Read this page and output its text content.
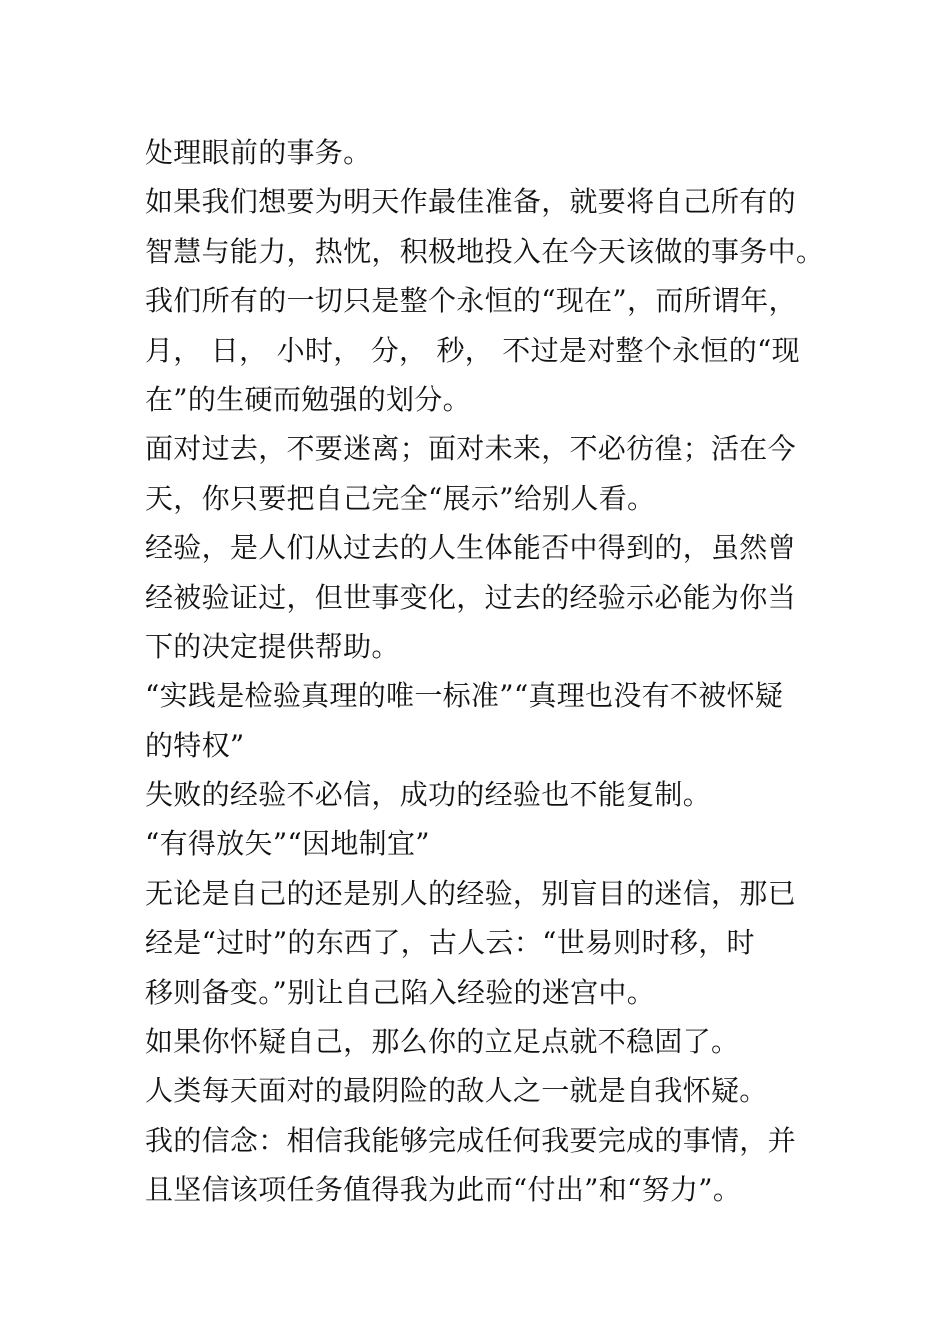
处理眼前的事务。
如果我们想要为明天作最佳准备，就要将自己所有的
智慧与能力，热忱，积极地投入在今天该做的事务中。
我们所有的一切只是整个永恒的“现在”，而所谓年，
月， 日， 小时， 分， 秒， 不过是对整个永恒的“现
在”的生硬而勉强的划分。
面对过去，不要迷离；面对未来，不必彷徨；活在今
天，你只要把自己完全“展示”给别人看。
经验，是人们从过去的人生体能否中得到的，虽然曾
经被验证过，但世事变化，过去的经验示必能为你当
下的决定提供帮助。
“实践是检验真理的唯一标准”“真理也没有不被怀疑
的特权”
失败的经验不必信，成功的经验也不能复制。
“有得放矢”“因地制宜”
无论是自己的还是别人的经验，别盲目的迷信，那已
经是“过时”的东西了，古人云：“世易则时移，时
移则备变。”别让自己陷入经验的迷宫中。
如果你怀疑自己，那么你的立足点就不稳固了。
人类每天面对的最阴险的敌人之一就是自我怀疑。
我的信念：相信我能够完成任何我要完成的事情，并
且坚信该项任务值得我为此而“付出”和“努力”。
